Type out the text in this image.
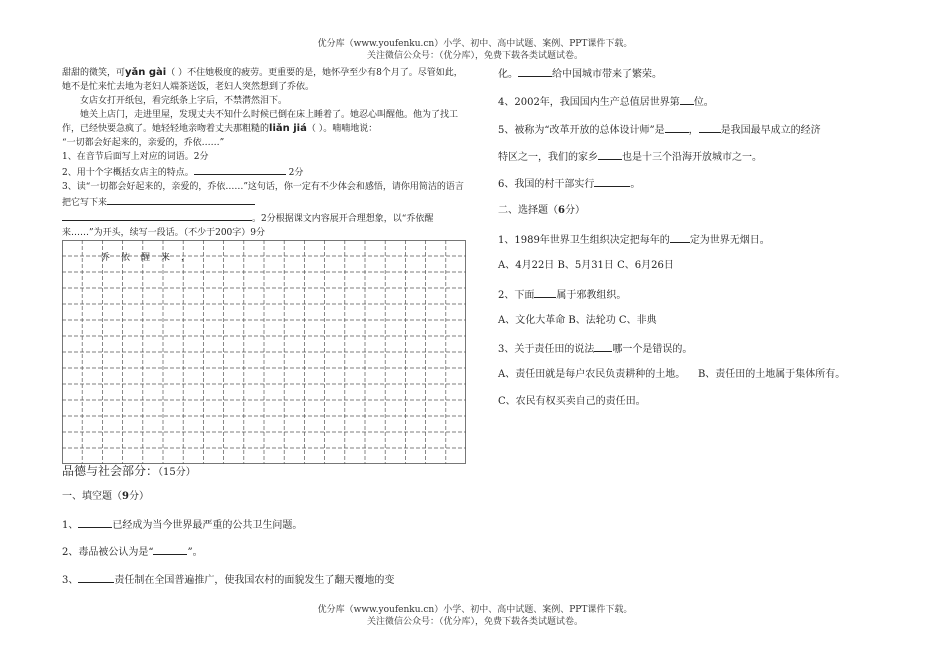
优分库（www.youfenku.cn）小学、初中、高中试题、案例、PPT课件下载。
关注微信公众号：（优分库），免费下载各类试题试卷。

甜甜的微笑，可yǎn gài（ ）不住她极度的疲劳。更重要的是，她怀孕至少有8个月了。尽管如此，她不是忙来忙去地为老妇人端茶送饭，老妇人突然想到了乔依。

女店女打开纸包，看完纸条上字后，不禁潸然泪下。

她关上店门，走进里屋，发现丈夫不知什么时候已倒在床上睡着了。她忍心叫醒他。他为了找工作，已经快要急疯了。她轻轻地亲吻着丈夫那粗糙的liǎn jiá（ ）。喃喃地说：

“一切都会好起来的，亲爱的，乔依……”

1、在音节后面写上对应的词语。2分

2、用十个字概括女店主的特点。	2分

3、读“一切都会好起来的，亲爱的，乔依……”这句话，你一定有不少体会和感悟，请你用简洁的语言把它写下来
。2分根据课文内容展开合理想象，以“乔依醒来……”为开头，续写一段话。（不少于200字）9分

乔 依 醒 来 ，
品德与社会部分：（15分）
一、填空题（9分）
1、	已经成为当今世界最严重的公共卫生问题。
2、毒品被公认为是“	”。
3、	责任制在全国普遍推广，使我国农村的面貌发生了翻天覆地的变
化。	给中国城市带来了繁荣。
4、2002年，我国国内生产总值居世界第 位。
5、被称为“改革开放的总体设计师”是 ， 是我国最早成立的经济
特区之一，我们的家乡 也是十三个沿海开放城市之一。
6、我国的村干部实行	。
二、选择题（6分）
1、1989年世界卫生组织决定把每年的 定为世界无烟日。
A、4月22日 B、5月31日 C、6月26日
2、下面 属于邪教组织。
A、文化大革命 B、法轮功 C、非典
3、关于责任田的说法 哪一个是错误的。
A、责任田就是每户农民负责耕种的土地。 B、责任田的土地属于集体所有。
C、农民有权买卖自己的责任田。
优分库（www.youfenku.cn）小学、初中、高中试题、案例、PPT课件下载。
关注微信公众号：（优分库），免费下载各类试题试卷。
